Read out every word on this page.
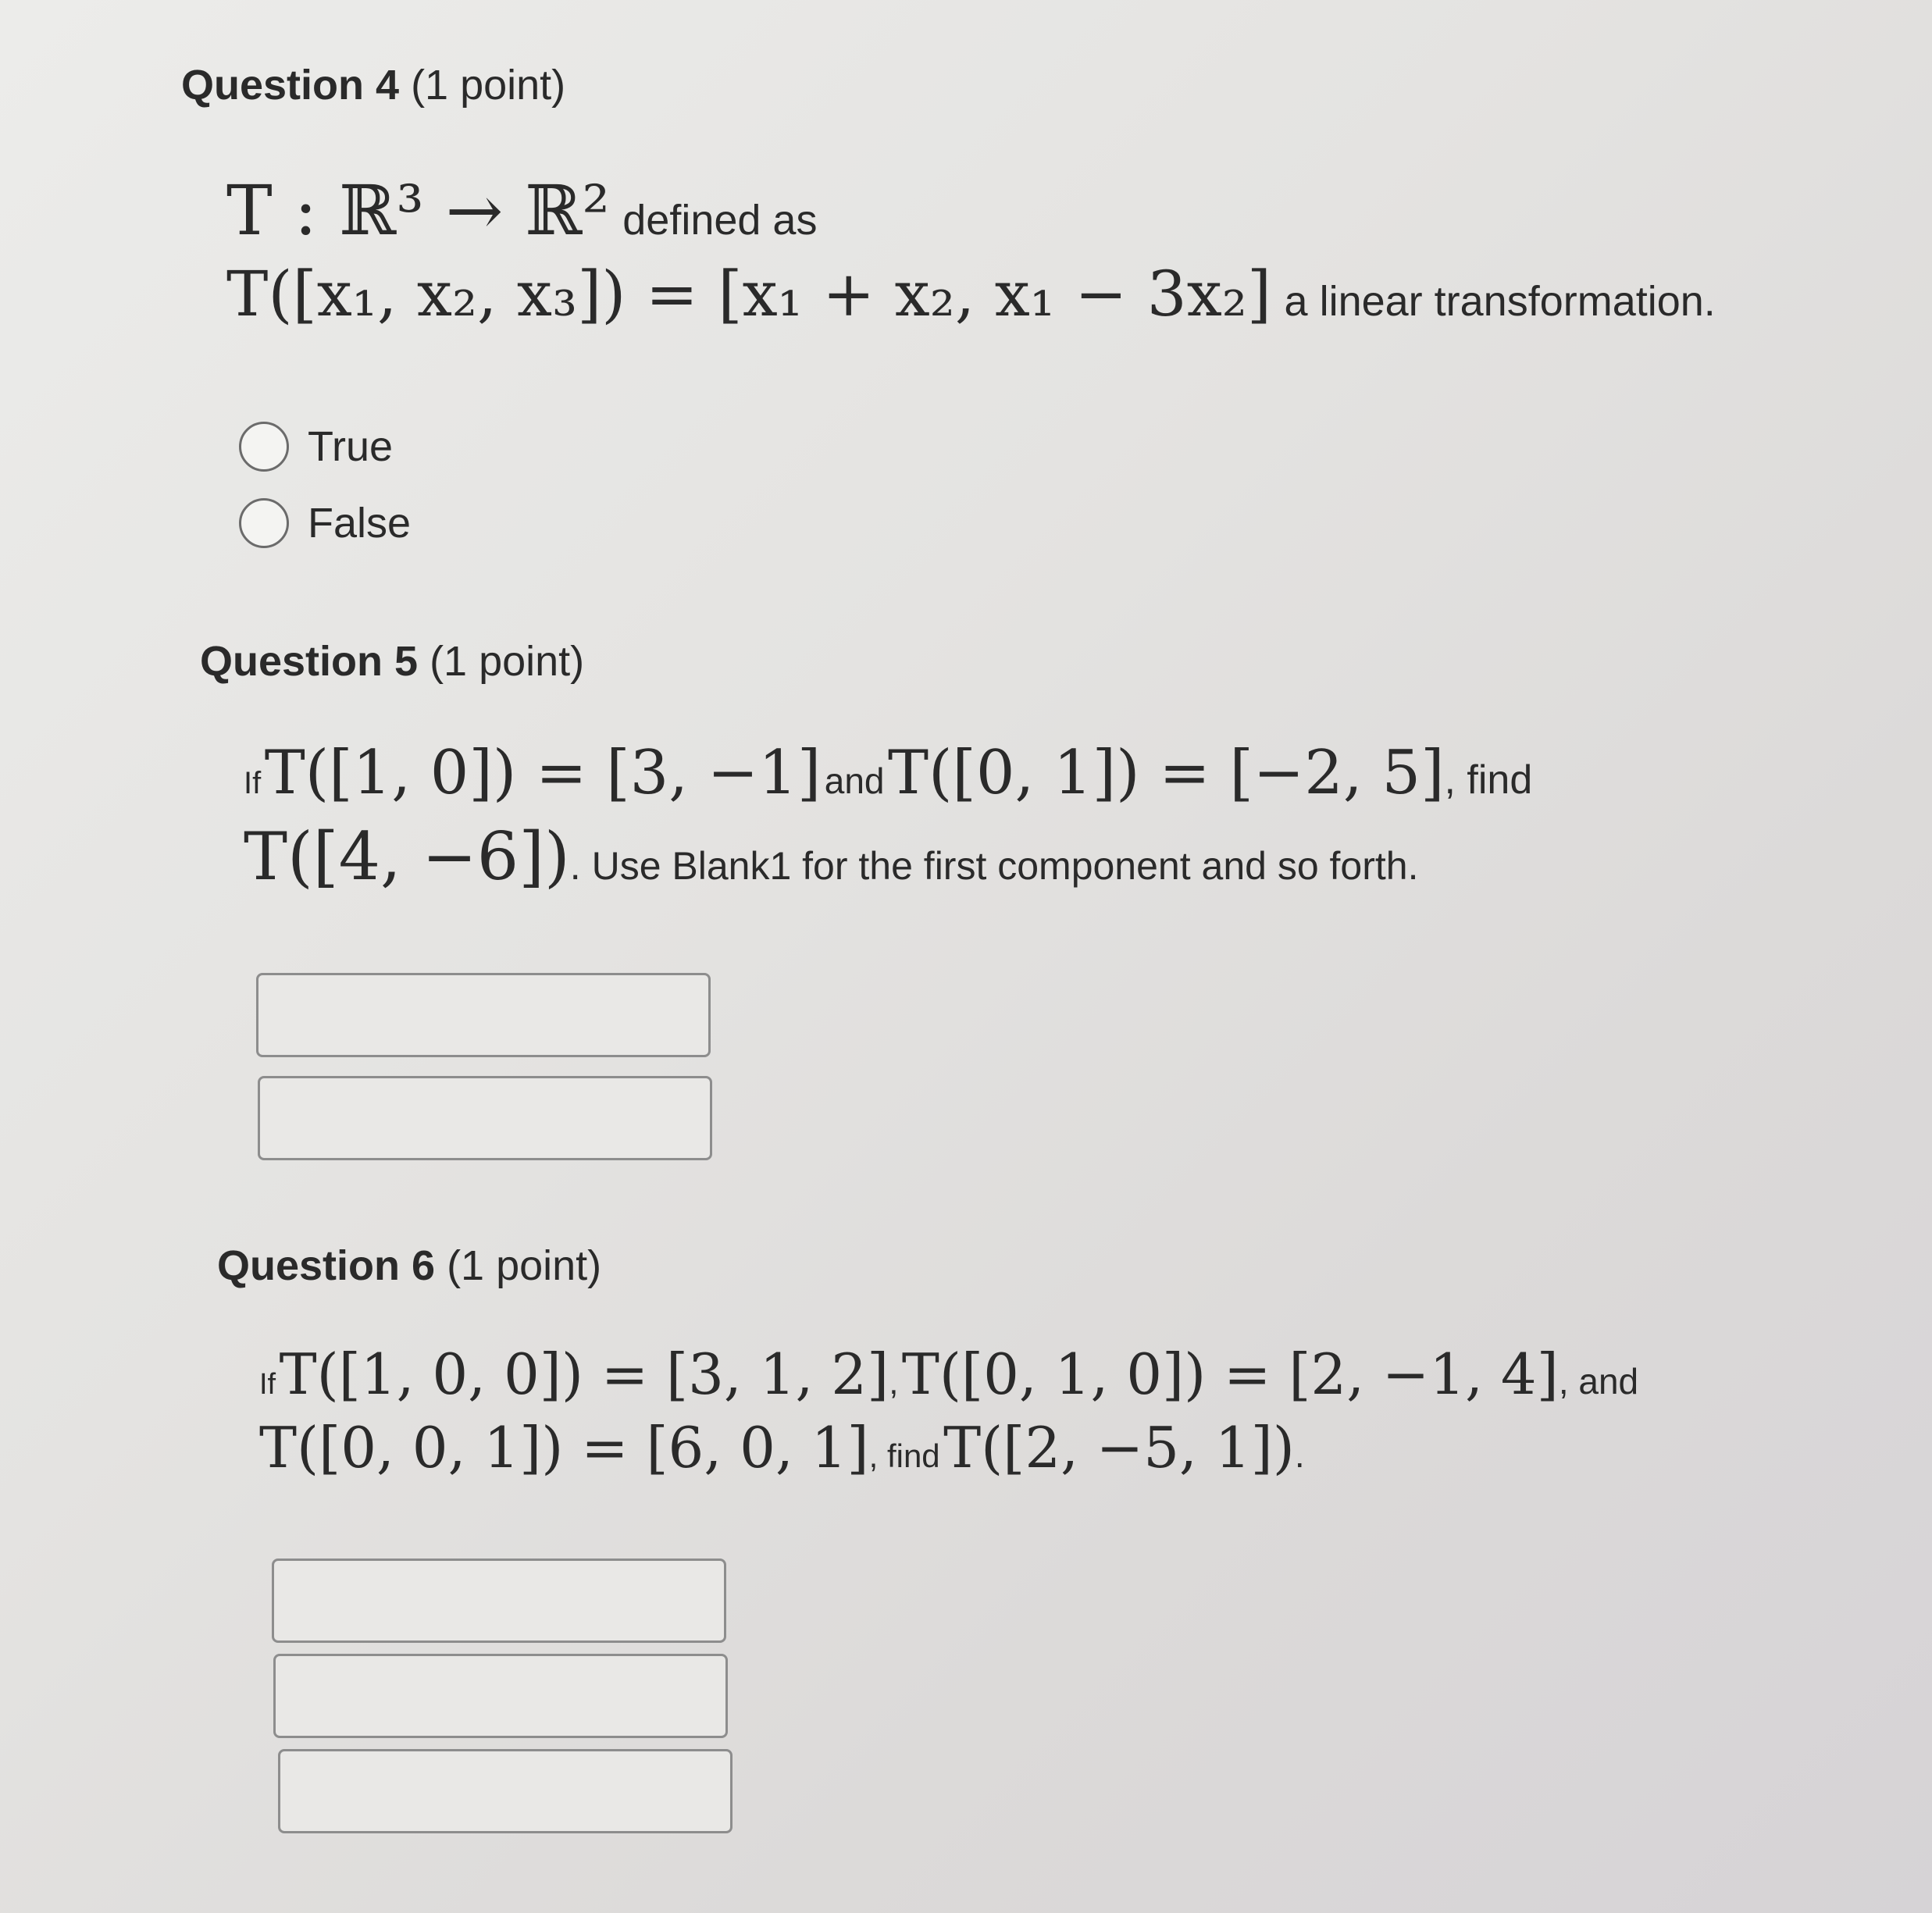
Question 4 (1 point)
T : ℝ³ → ℝ² defined as
T([x₁, x₂, x₃]) = [x₁ + x₂, x₁ − 3x₂] a linear transformation.
True
False
Question 5 (1 point)
If T([1, 0]) = [3, −1] and T([0, 1]) = [−2, 5], find
T([4, −6]). Use Blank1 for the first component and so forth.
Question 6 (1 point)
If T([1, 0, 0]) = [3, 1, 2], T([0, 1, 0]) = [2, −1, 4], and
T([0, 0, 1]) = [6, 0, 1], find T([2, −5, 1]).
